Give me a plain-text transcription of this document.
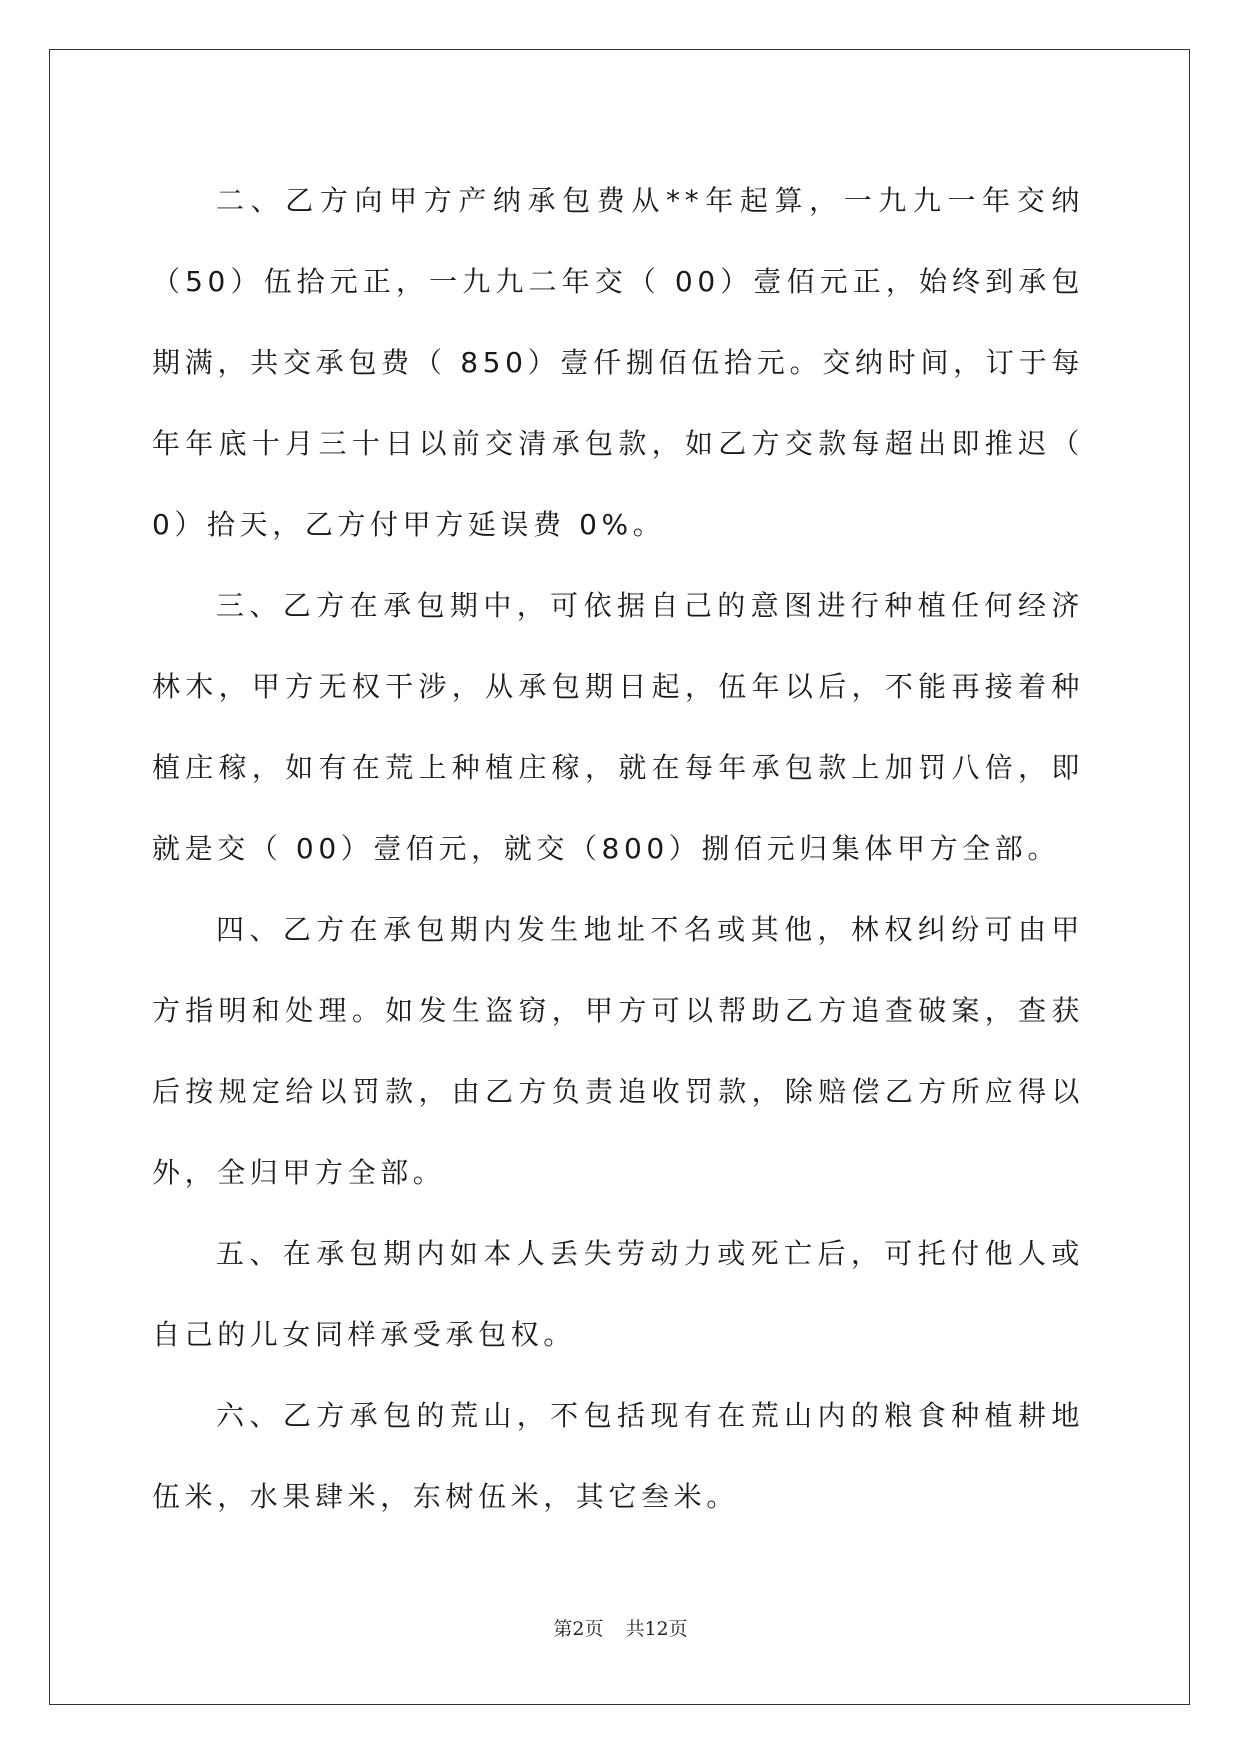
二、乙方向甲方产纳承包费从**年起算，一九九一年交纳（50）伍拾元正，一九九二年交（ 00）壹佰元正，始终到承包期满，共交承包费（ 850）壹仟捌佰伍拾元。交纳时间，订于每年年底十月三十日以前交清承包款，如乙方交款每超出即推迟（ 0）拾天，乙方付甲方延误费 0%。

三、乙方在承包期中，可依据自己的意图进行种植任何经济林木，甲方无权干涉，从承包期日起，伍年以后，不能再接着种植庄稼，如有在荒上种植庄稼，就在每年承包款上加罚八倍，即就是交（ 00）壹佰元，就交（800）捌佰元归集体甲方全部。

四、乙方在承包期内发生地址不名或其他，林权纠纷可由甲方指明和处理。如发生盗窃，甲方可以帮助乙方追查破案，查获后按规定给以罚款，由乙方负责追收罚款，除赔偿乙方所应得以外，全归甲方全部。

五、在承包期内如本人丢失劳动力或死亡后，可托付他人或自己的儿女同样承受承包权。

六、乙方承包的荒山，不包括现有在荒山内的粮食种植耕地伍米，水果肆米，东树伍米，其它叁米。

第2页 共12页
